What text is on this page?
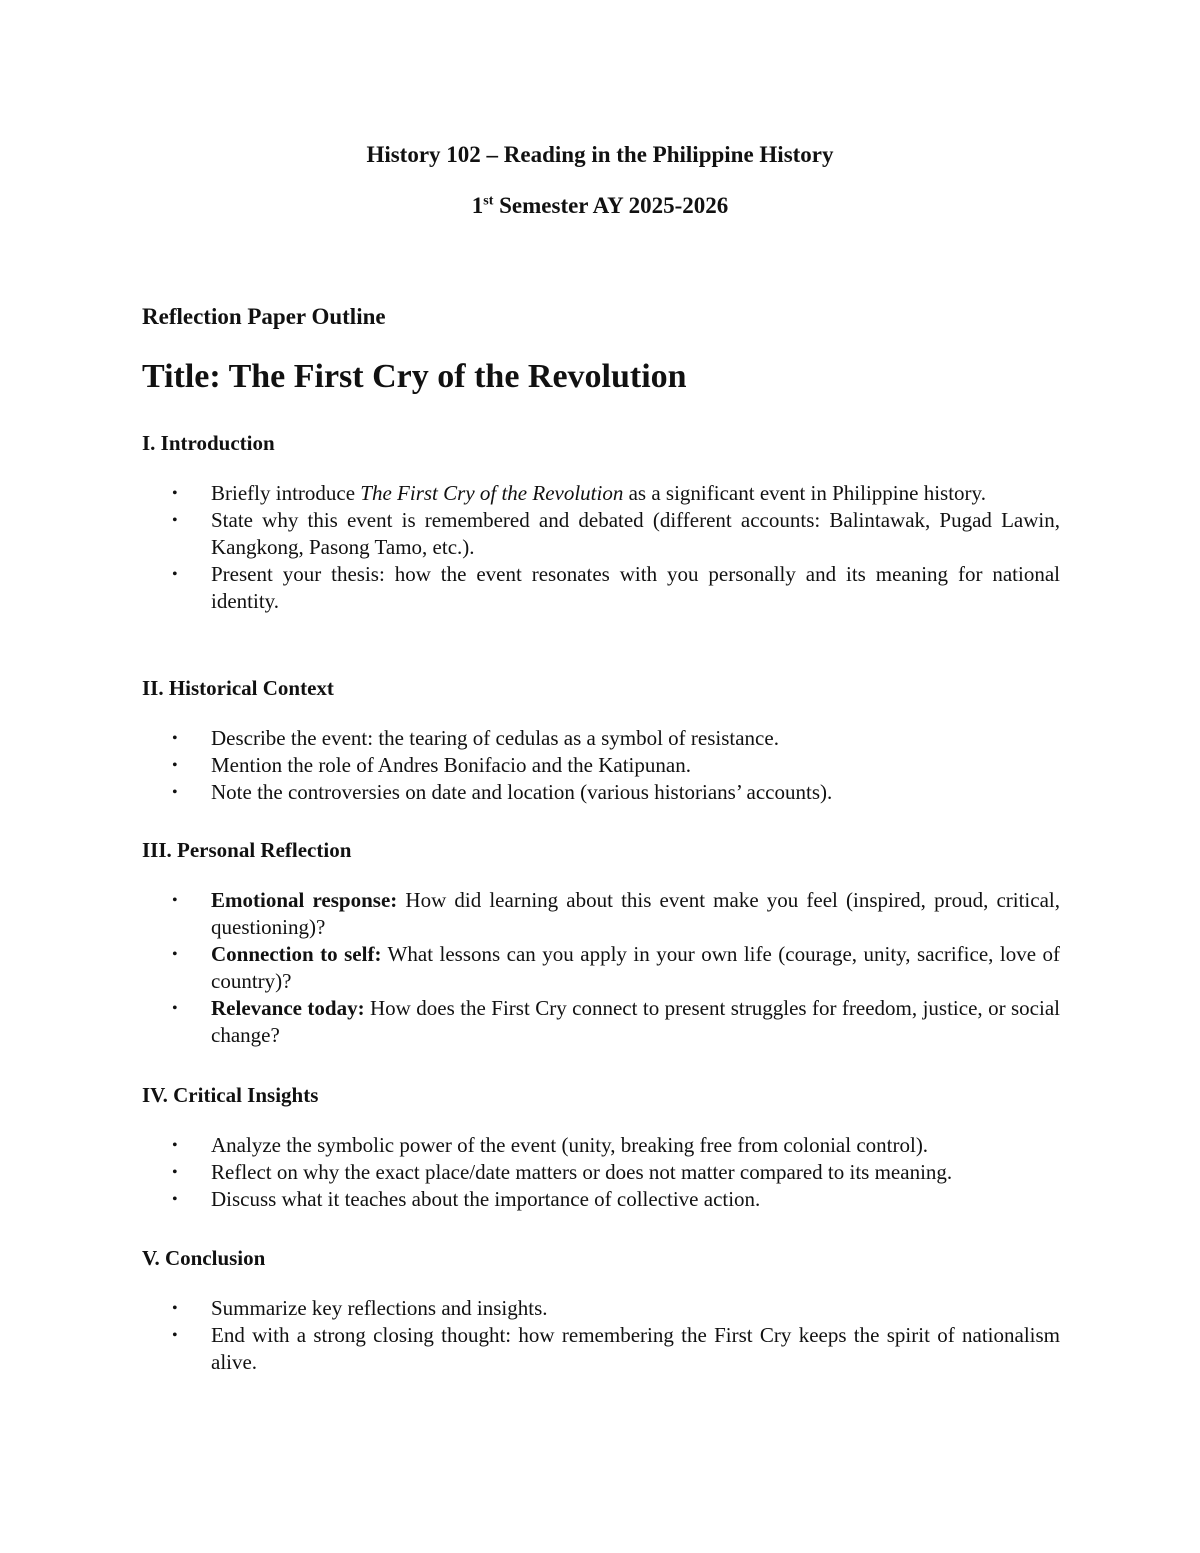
History 102 – Reading in the Philippine History
1st Semester AY 2025-2026
Reflection Paper Outline
Title: The First Cry of the Revolution
I. Introduction
• Briefly introduce The First Cry of the Revolution as a significant event in Philippine history.
• State why this event is remembered and debated (different accounts: Balintawak, Pugad Lawin, Kangkong, Pasong Tamo, etc.).
• Present your thesis: how the event resonates with you personally and its meaning for national identity.
II. Historical Context
• Describe the event: the tearing of cedulas as a symbol of resistance.
• Mention the role of Andres Bonifacio and the Katipunan.
• Note the controversies on date and location (various historians’ accounts).
III. Personal Reflection
• Emotional response: How did learning about this event make you feel (inspired, proud, critical, questioning)?
• Connection to self: What lessons can you apply in your own life (courage, unity, sacrifice, love of country)?
• Relevance today: How does the First Cry connect to present struggles for freedom, justice, or social change?
IV. Critical Insights
• Analyze the symbolic power of the event (unity, breaking free from colonial control).
• Reflect on why the exact place/date matters or does not matter compared to its meaning.
• Discuss what it teaches about the importance of collective action.
V. Conclusion
• Summarize key reflections and insights.
• End with a strong closing thought: how remembering the First Cry keeps the spirit of nationalism alive.
